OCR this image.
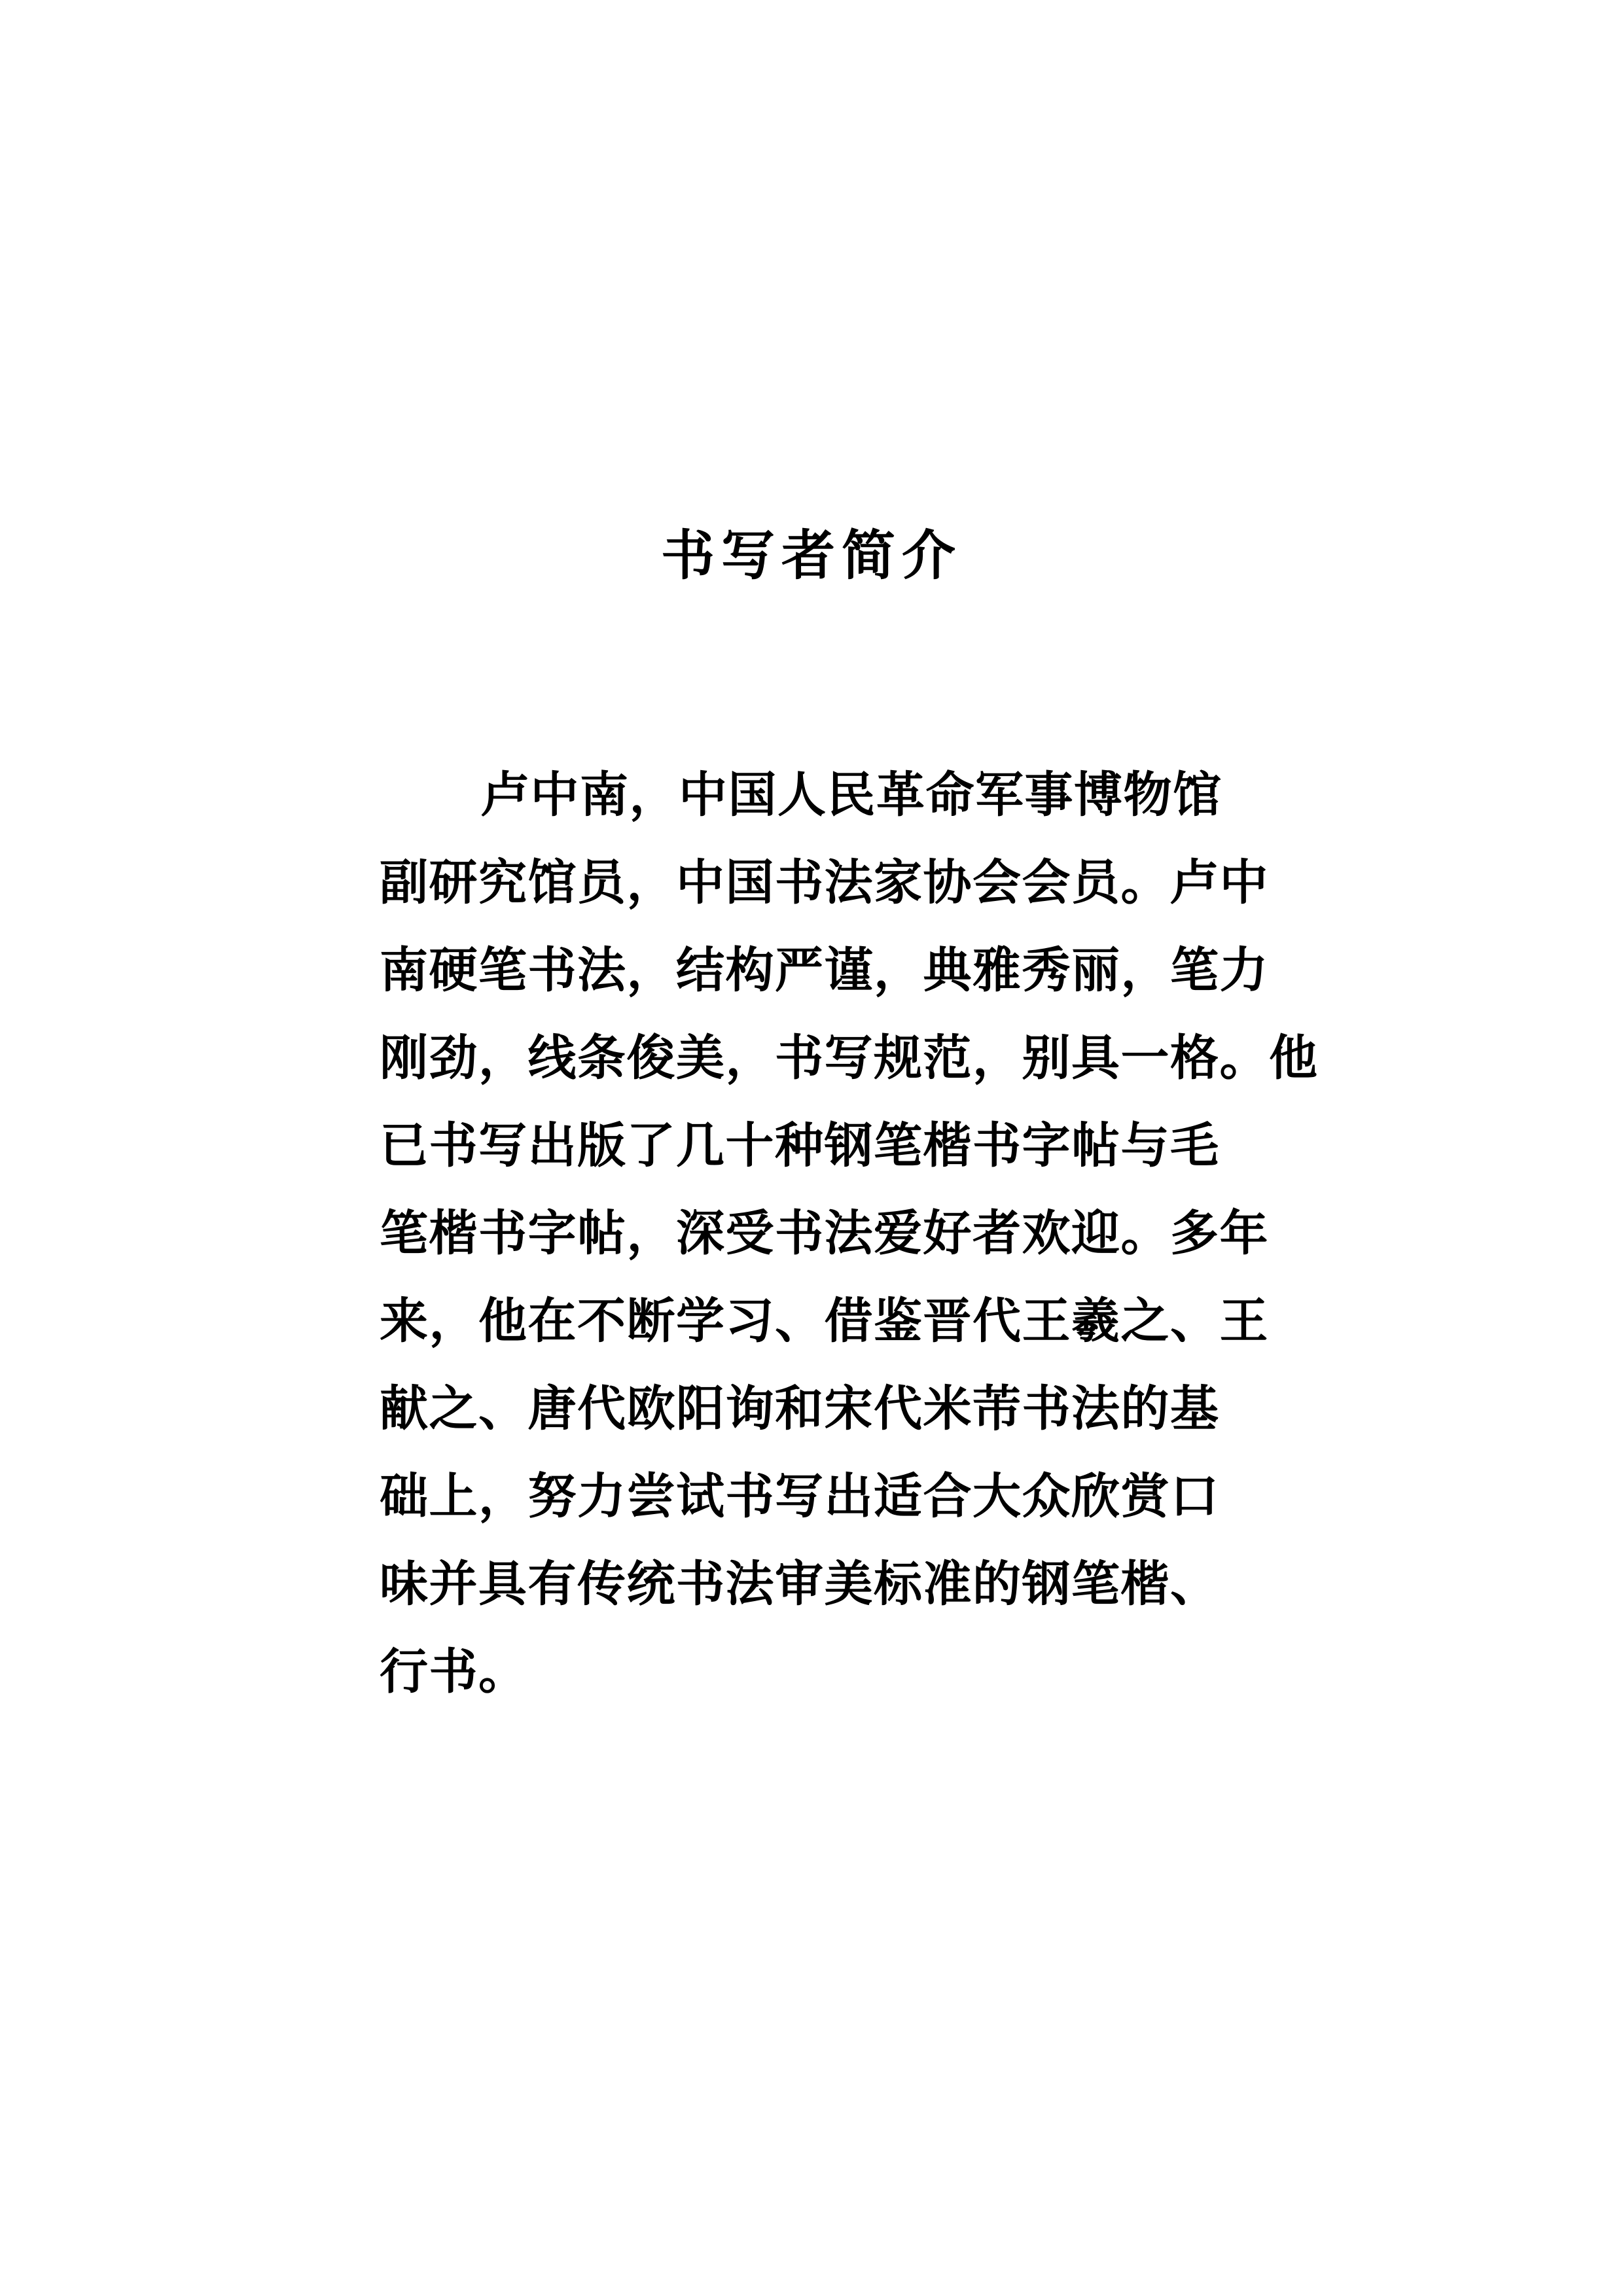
书写者简介
卢中南，中国人民革命军事博物馆
副研究馆员，中国书法家协会会员。卢中
南硬笔书法，结构严谨，典雅秀丽，笔力
刚劲，线条俊美，书写规范，别具一格。他
已书写出版了几十种钢笔楷书字帖与毛
笔楷书字帖，深受书法爱好者欢迎。多年
来，他在不断学习、借鉴晋代王羲之、王
献之、唐代欧阳询和宋代米芾书法的基
础上，努力尝试书写出适合大众欣赏口
味并具有传统书法审美标准的钢笔楷、
行书。
